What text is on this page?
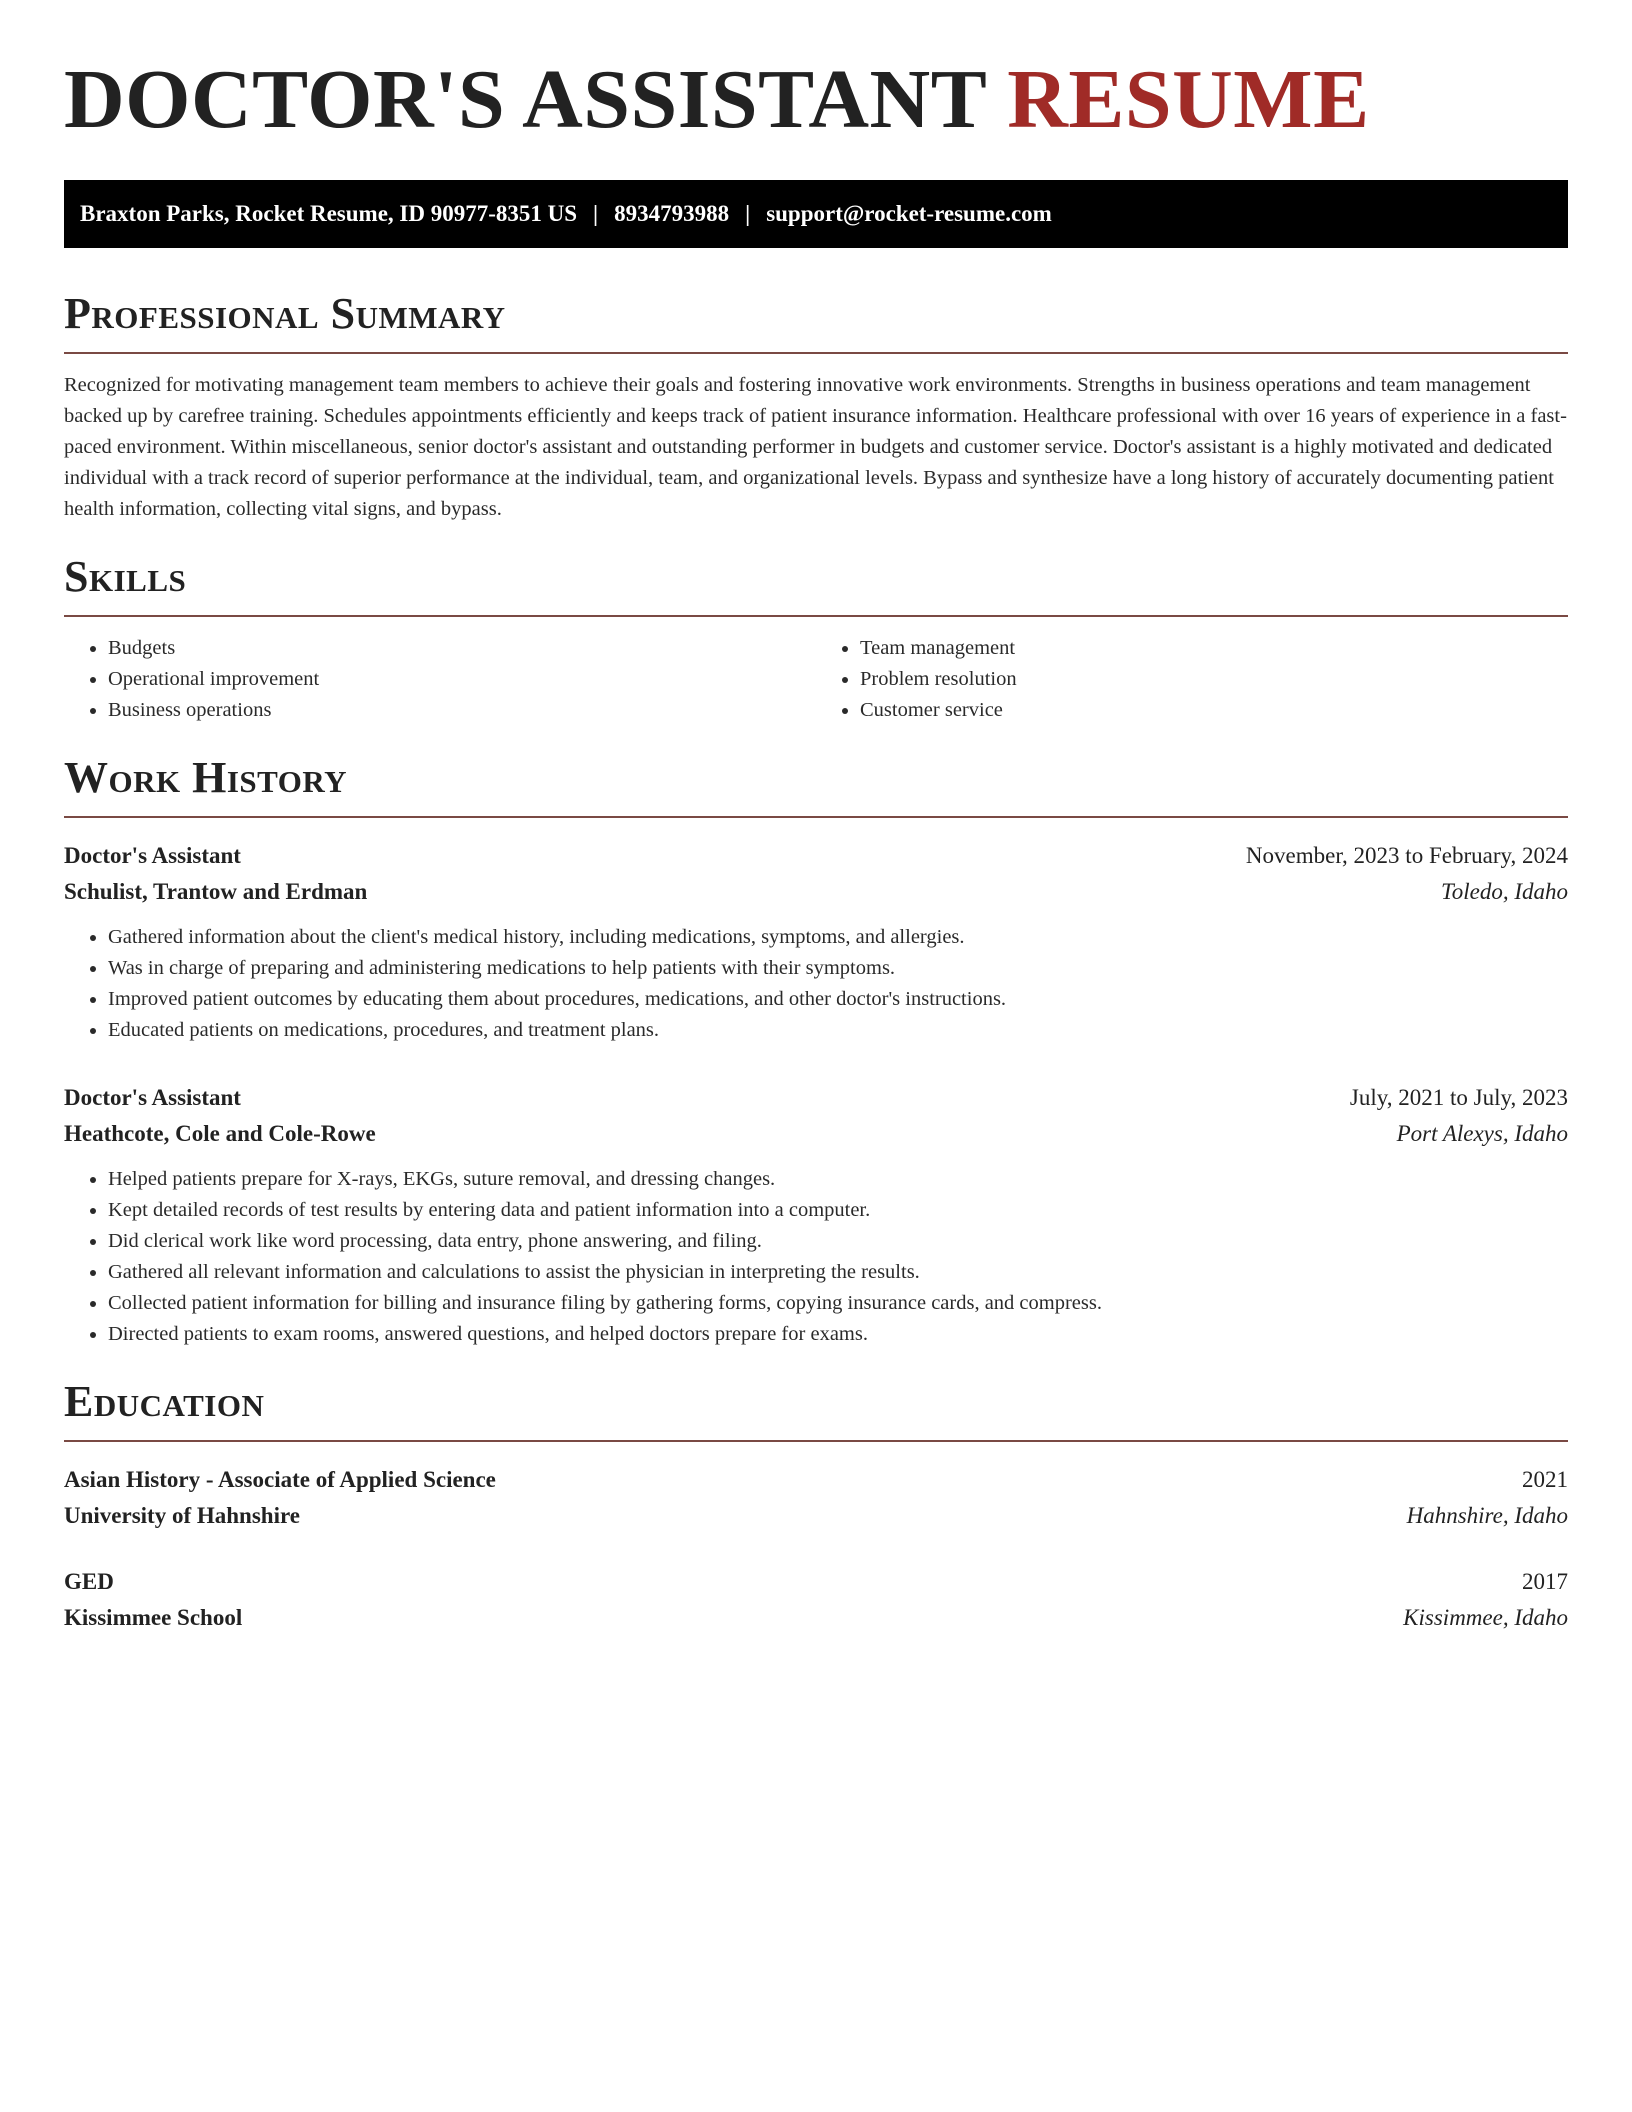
DOCTOR'S ASSISTANT RESUME
Braxton Parks, Rocket Resume, ID 90977-8351 US | 8934793988 | support@rocket-resume.com
Professional Summary

Recognized for motivating management team members to achieve their goals and fostering innovative work environments. Strengths in business operations and team management backed up by carefree training. Schedules appointments efficiently and keeps track of patient insurance information. Healthcare professional with over 16 years of experience in a fast-paced environment. Within miscellaneous, senior doctor's assistant and outstanding performer in budgets and customer service. Doctor's assistant is a highly motivated and dedicated individual with a track record of superior performance at the individual, team, and organizational levels. Bypass and synthesize have a long history of accurately documenting patient health information, collecting vital signs, and bypass.

Skills
• Budgets
• Operational improvement
• Business operations
• Team management
• Problem resolution
• Customer service
Work History
Doctor's Assistant	November, 2023 to February, 2024
Schulist, Trantow and Erdman	Toledo, Idaho
• Gathered information about the client's medical history, including medications, symptoms, and allergies.
• Was in charge of preparing and administering medications to help patients with their symptoms.
• Improved patient outcomes by educating them about procedures, medications, and other doctor's instructions.
• Educated patients on medications, procedures, and treatment plans.
Doctor's Assistant	July, 2021 to July, 2023
Heathcote, Cole and Cole-Rowe	Port Alexys, Idaho
• Helped patients prepare for X-rays, EKGs, suture removal, and dressing changes.
• Kept detailed records of test results by entering data and patient information into a computer.
• Did clerical work like word processing, data entry, phone answering, and filing.
• Gathered all relevant information and calculations to assist the physician in interpreting the results.
• Collected patient information for billing and insurance filing by gathering forms, copying insurance cards, and compress.
• Directed patients to exam rooms, answered questions, and helped doctors prepare for exams.
Education
Asian History - Associate of Applied Science	2021
University of Hahnshire	Hahnshire, Idaho
GED	2017
Kissimmee School	Kissimmee, Idaho
